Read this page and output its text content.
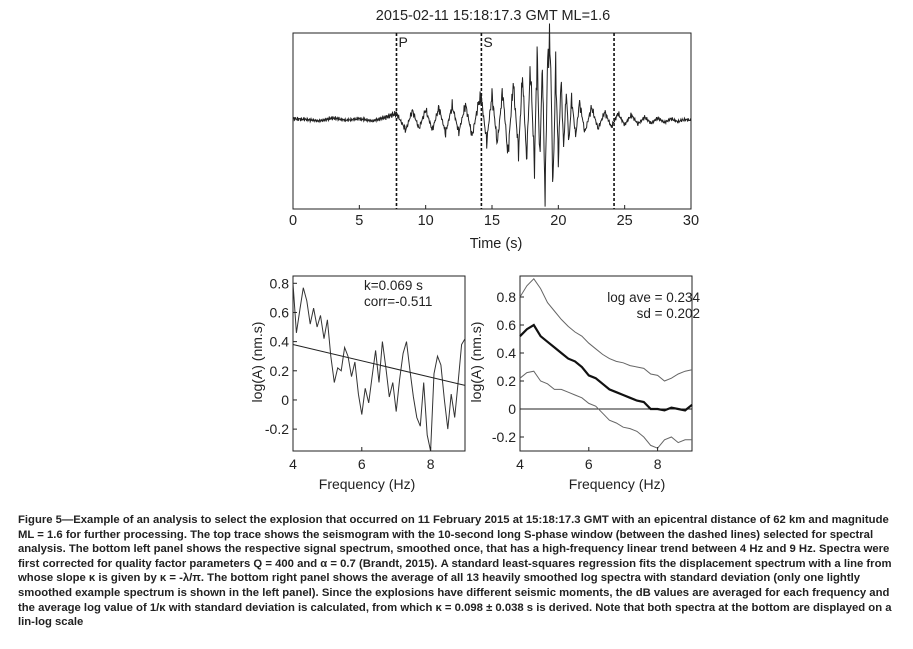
2015-02-11 15:18:17.3 GMT ML=1.6
P	S
0	5	10	15	20	25	30
Time (s)
4	6	8
-0.2
0
0.2
0.4
0.6
0.8	k=0.069 s
corr=-0.511
Frequency (Hz)
log(A) (nm.s)
4	6	8
-0.2
0
0.2
0.4
0.6
0.8	log ave = 0.234
sd = 0.202
Frequency (Hz)
log(A) (nm.s)

Figure 5—Example of an analysis to select the explosion that occurred on 11 February 2015 at 15:18:17.3 GMT with an epicentral distance of 62 km and magnitude ML = 1.6 for further processing. The top trace shows the seismogram with the 10-second long S-phase window (between the dashed lines) selected for spectral analysis. The bottom left panel shows the respective signal spectrum, smoothed once, that has a high-frequency linear trend between 4 Hz and 9 Hz. Spectra were first corrected for quality factor parameters Q = 400 and α = 0.7 (Brandt, 2015). A standard least-squares regression fits the displacement spectrum with a line from whose slope κ is given by κ = -λ/π. The bottom right panel shows the average of all 13 heavily smoothed log spectra with standard deviation (only one lightly smoothed example spectrum is shown in the left panel). Since the explosions have different seismic moments, the dB values are averaged for each frequency and the average log value of 1/κ with standard deviation is calculated, from which κ = 0.098 ± 0.038 s is derived. Note that both spectra at the bottom are displayed on a lin-log scale
